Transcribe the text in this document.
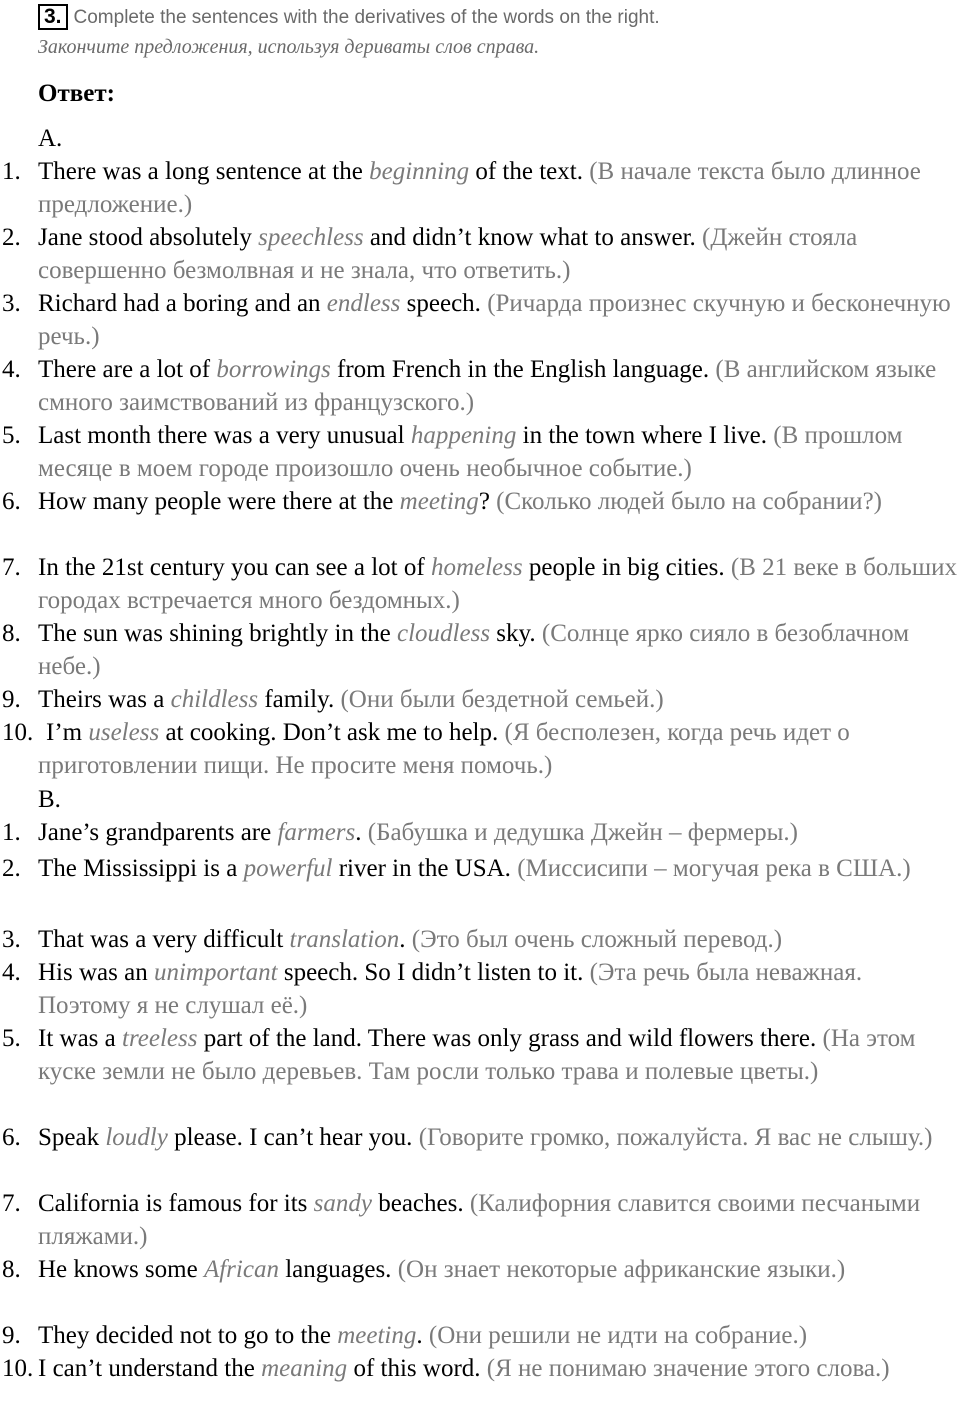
3. Complete the sentences with the derivatives of the words on the right.
Закончите предложения, используя дериваты слов справа.
Ответ:
A.
1. There was a long sentence at the beginning of the text. (В начале текста было длинное предложение.)
2. Jane stood absolutely speechless and didn’t know what to answer. (Джейн стояла совершенно безмолвная и не знала, что ответить.)
3. Richard had a boring and an endless speech. (Ричарда произнес скучную и бесконечную речь.)
4. There are a lot of borrowings from French in the English language. (В английском языке смного заимствований из французского.)
5. Last month there was a very unusual happening in the town where I live. (В прошлом месяце в моем городе произошло очень необычное событие.)
6. How many people were there at the meeting? (Сколько людей было на собрании?)
7. In the 21st century you can see a lot of homeless people in big cities. (В 21 веке в больших городах встречается много бездомных.)
8. The sun was shining brightly in the cloudless sky. (Солнце ярко сияло в безоблачном небе.)
9. Theirs was a childless family. (Они были бездетной семьей.)
10. I’m useless at cooking. Don’t ask me to help. (Я бесполезен, когда речь идет о приготовлении пищи. Не просите меня помочь.)
B.
1. Jane’s grandparents are farmers. (Бабушка и дедушка Джейн – фермеры.)
2. The Mississippi is a powerful river in the USA. (Миссисипи – могучая река в США.)
3. That was a very difficult translation. (Это был очень сложный перевод.)
4. His was an unimportant speech. So I didn’t listen to it. (Эта речь была неважная. Поэтому я не слушал её.)
5. It was a treeless part of the land. There was only grass and wild flowers there. (На этом куске земли не было деревьев. Там росли только трава и полевые цветы.)
6. Speak loudly please. I can’t hear you. (Говорите громко, пожалуйста. Я вас не слышу.)
7. California is famous for its sandy beaches. (Калифорния славится своими песчаными пляжами.)
8. He knows some African languages. (Он знает некоторые африканские языки.)
9. They decided not to go to the meeting. (Они решили не идти на собрание.)
10. I can’t understand the meaning of this word. (Я не понимаю значение этого слова.)
